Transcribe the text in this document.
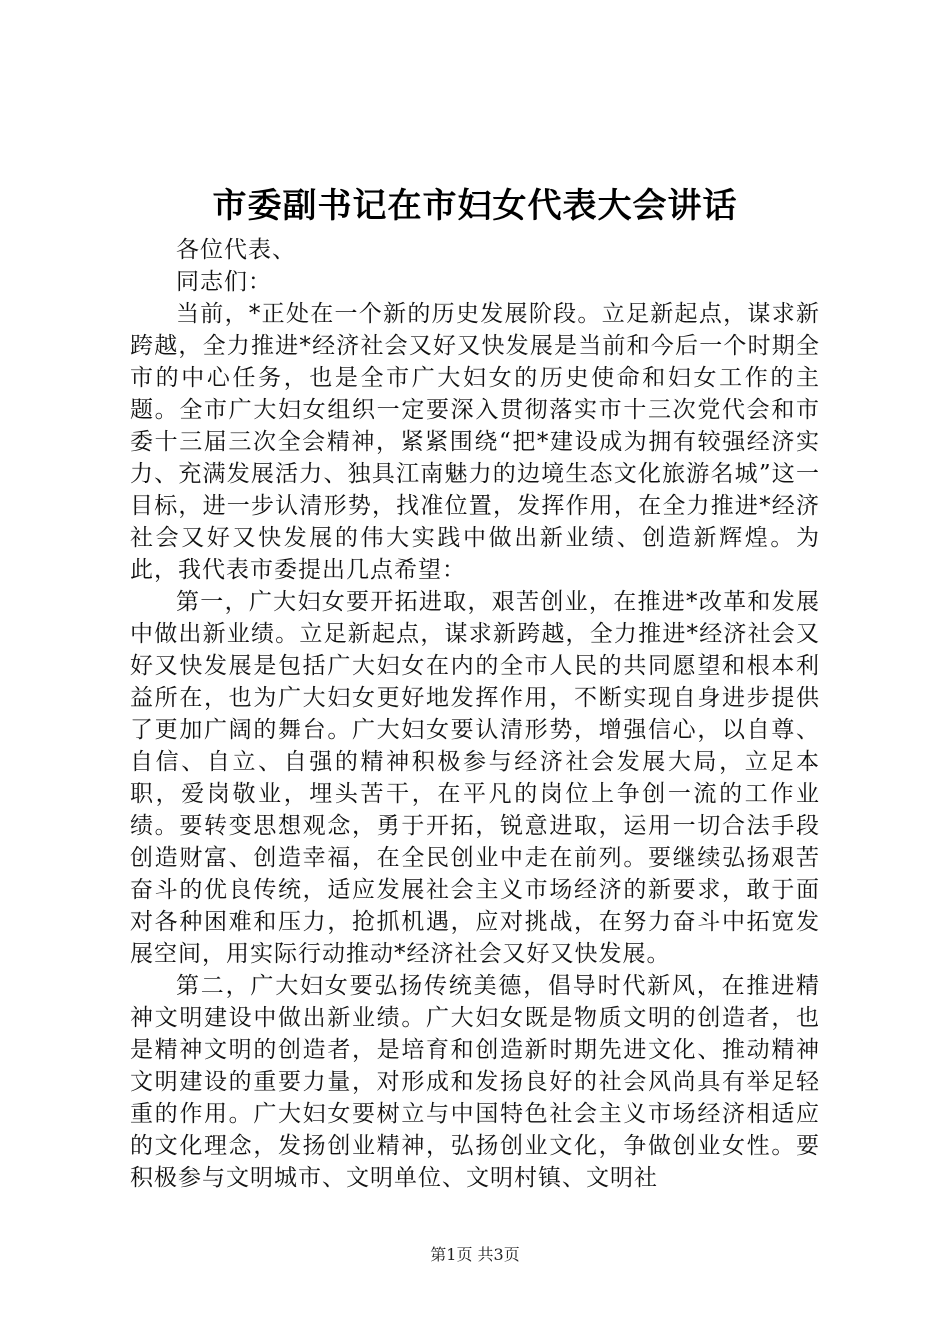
市委副书记在市妇女代表大会讲话

各位代表、

同志们：

当前，*正处在一个新的历史发展阶段。立足新起点，谋求新跨越，全力推进*经济社会又好又快发展是当前和今后一个时期全市的中心任务，也是全市广大妇女的历史使命和妇女工作的主题。全市广大妇女组织一定要深入贯彻落实市十三次党代会和市委十三届三次全会精神，紧紧围绕“把*建设成为拥有较强经济实力、充满发展活力、独具江南魅力的边境生态文化旅游名城”这一目标，进一步认清形势，找准位置，发挥作用，在全力推进*经济社会又好又快发展的伟大实践中做出新业绩、创造新辉煌。为此，我代表市委提出几点希望：

第一，广大妇女要开拓进取，艰苦创业，在推进*改革和发展中做出新业绩。立足新起点，谋求新跨越，全力推进*经济社会又好又快发展是包括广大妇女在内的全市人民的共同愿望和根本利益所在，也为广大妇女更好地发挥作用，不断实现自身进步提供了更加广阔的舞台。广大妇女要认清形势，增强信心，以自尊、自信、自立、自强的精神积极参与经济社会发展大局，立足本职，爱岗敬业，埋头苦干，在平凡的岗位上争创一流的工作业绩。要转变思想观念，勇于开拓，锐意进取，运用一切合法手段创造财富、创造幸福，在全民创业中走在前列。要继续弘扬艰苦奋斗的优良传统，适应发展社会主义市场经济的新要求，敢于面对各种困难和压力，抢抓机遇，应对挑战，在努力奋斗中拓宽发展空间，用实际行动推动*经济社会又好又快发展。

第二，广大妇女要弘扬传统美德，倡导时代新风，在推进精神文明建设中做出新业绩。广大妇女既是物质文明的创造者，也是精神文明的创造者，是培育和创造新时期先进文化、推动精神文明建设的重要力量，对形成和发扬良好的社会风尚具有举足轻重的作用。广大妇女要树立与中国特色社会主义市场经济相适应的文化理念，发扬创业精神，弘扬创业文化，争做创业女性。要积极参与文明城市、文明单位、文明村镇、文明社

第1页 共3页
